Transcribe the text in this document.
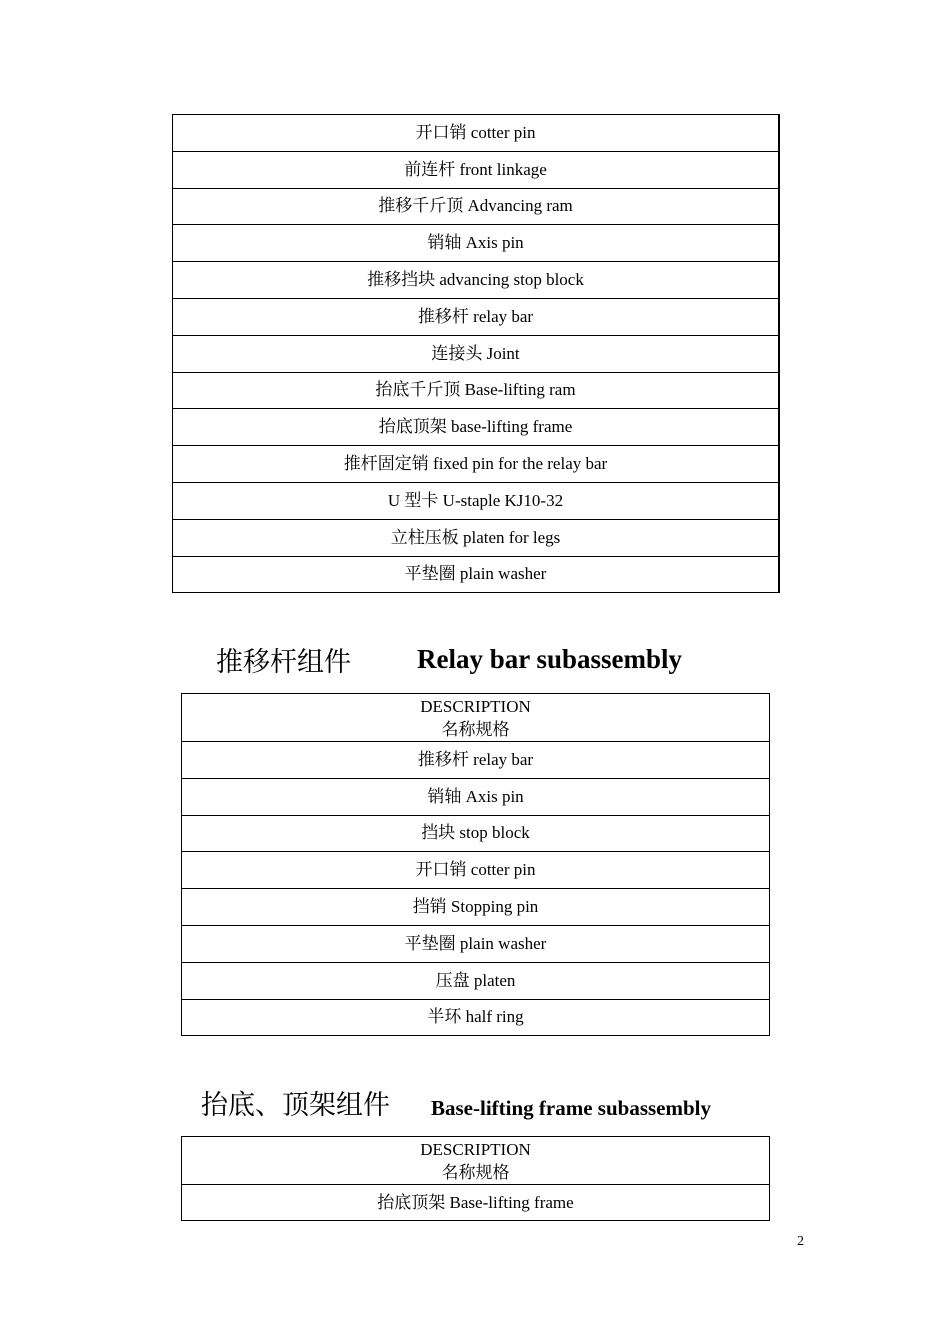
开口销 cotter pin
前连杆 front linkage
推移千斤顶 Advancing ram
销轴 Axis pin
推移挡块 advancing stop block
推移杆 relay bar
连接头 Joint
抬底千斤顶 Base-lifting ram
抬底顶架 base-lifting frame
推杆固定销 fixed pin for the relay bar
U 型卡 U-staple KJ10-32
立柱压板 platen for legs
平垫圈 plain washer
推移杆组件 Relay bar subassembly
DESCRIPTION
名称规格

推移杆 relay bar
销轴 Axis pin
挡块 stop block
开口销 cotter pin
挡销 Stopping pin
平垫圈 plain washer
压盘 platen
半环 half ring
抬底、顶架组件 Base-lifting frame subassembly
DESCRIPTION
名称规格

抬底顶架 Base-lifting frame
2
